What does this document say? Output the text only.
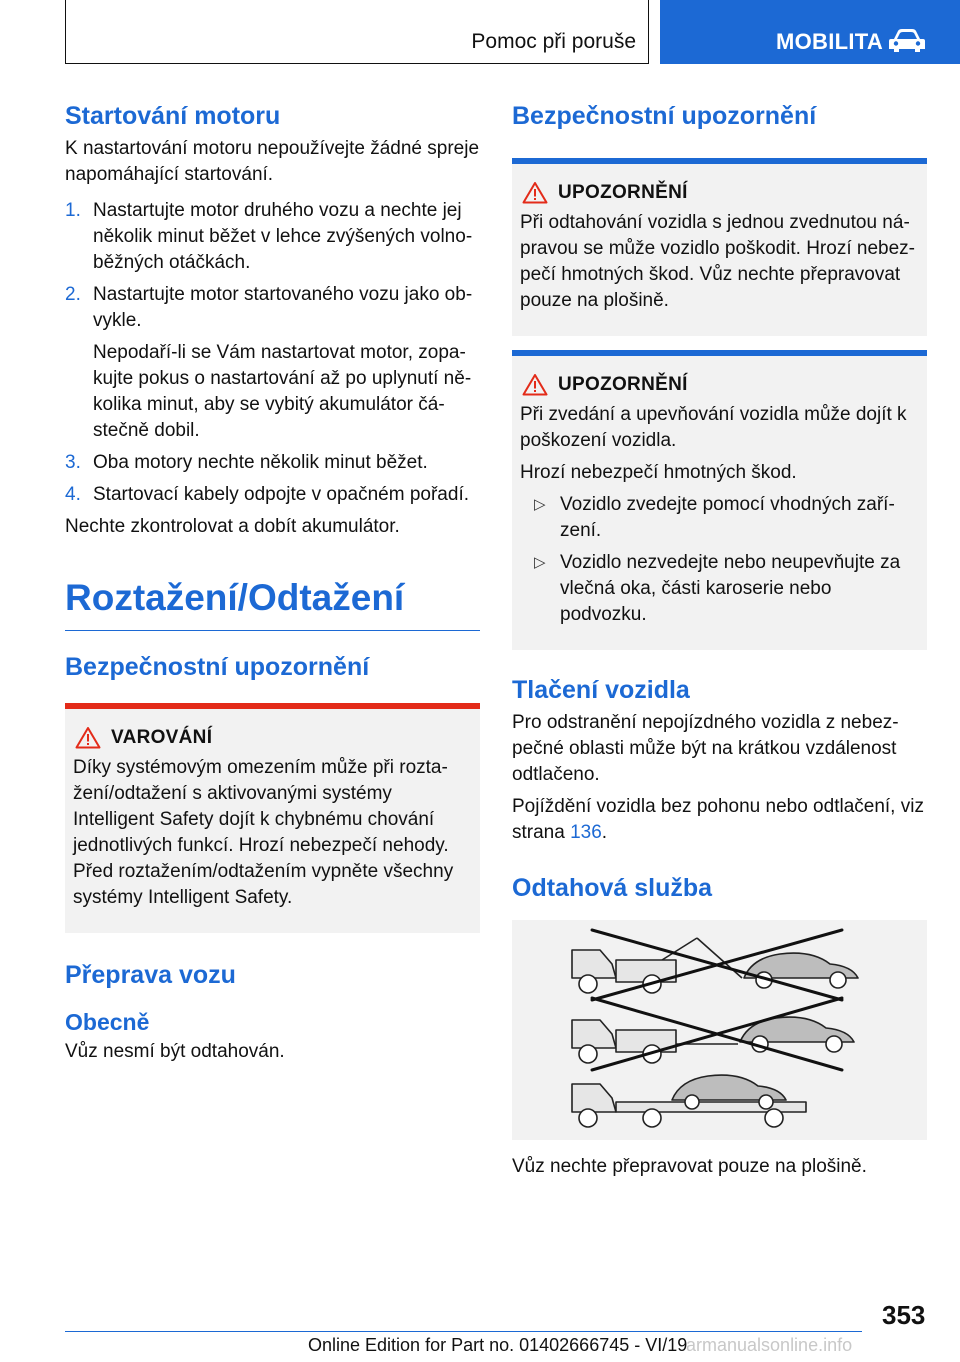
Pomoc při poruše	MOBILITA
Startování motoru
K nastartování motoru nepoužívejte žádné spreje napomáhající startování.
1. Nastartujte motor druhého vozu a nechte jej několik minut běžet v lehce zvýšených volnoběžných otáčkách.
2. Nastartujte motor startovaného vozu jako obvykle.
Nepodaří-li se Vám nastartovat motor, zopakujte pokus o nastartování až po uplynutí několika minut, aby se vybitý akumulátor částečně dobil.
3. Oba motory nechte několik minut běžet.
4. Startovací kabely odpojte v opačném pořadí.
Nechte zkontrolovat a dobít akumulátor.
Roztažení/Odtažení
Bezpečnostní upozornění
VAROVÁNÍ
Díky systémovým omezením může při roztažení/odtažení s aktivovanými systémy Intelligent Safety dojít k chybnému chování jednotlivých funkcí. Hrozí nebezpečí nehody. Před roztažením/odtažením vypněte všechny systémy Intelligent Safety.
Přeprava vozu
Obecně
Vůz nesmí být odtahován.
Bezpečnostní upozornění
UPOZORNĚNÍ
Při odtahování vozidla s jednou zvednutou nápravou se může vozidlo poškodit. Hrozí nebezpečí hmotných škod. Vůz nechte přepravovat pouze na plošině.
UPOZORNĚNÍ
Při zvedání a upevňování vozidla může dojít k poškození vozidla.
Hrozí nebezpečí hmotných škod.
▷ Vozidlo zvedejte pomocí vhodných zařízení.
▷ Vozidlo nezvedejte nebo neupevňujte za vlečná oka, části karoserie nebo podvozku.
Tlačení vozidla
Pro odstranění nepojízdného vozidla z nebezpečné oblasti může být na krátkou vzdálenost odtlačeno.
Pojíždění vozidla bez pohonu nebo odtlačení, viz strana 136.
Odtahová služba
Vůz nechte přepravovat pouze na plošině.
353
Online Edition for Part no. 01402666745 - VI/19
armanualsonline.info
